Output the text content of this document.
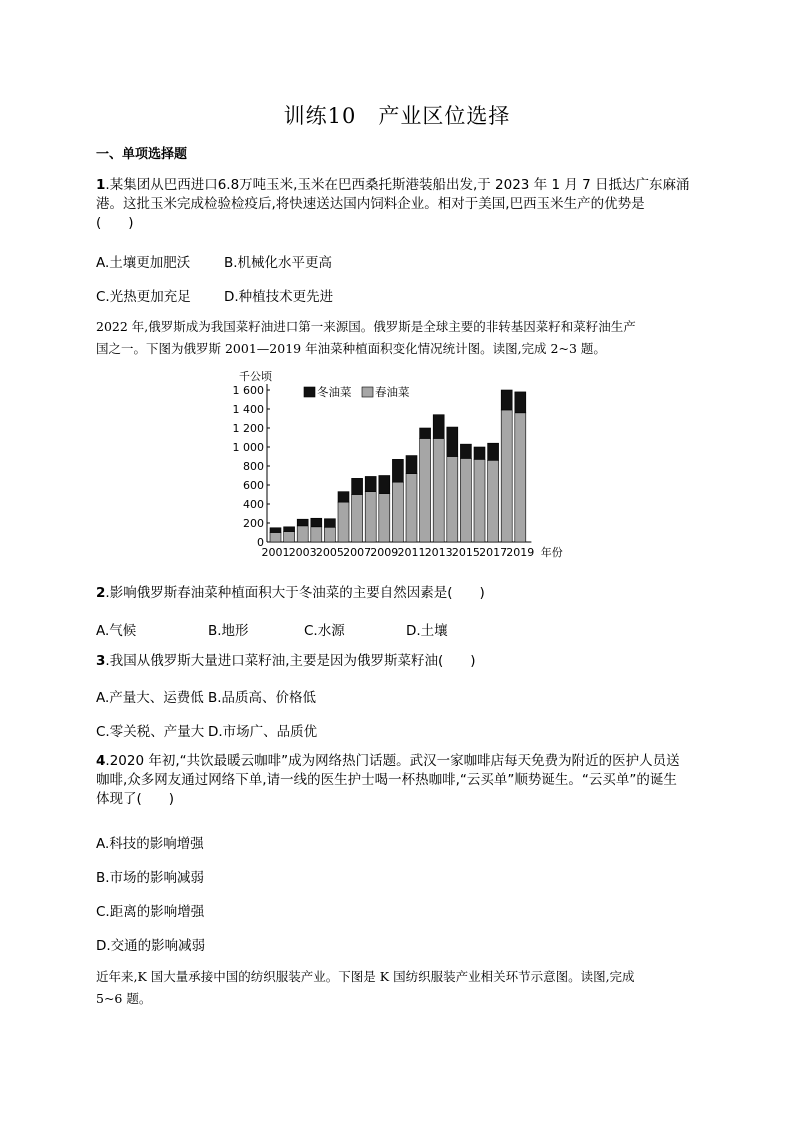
训练10　产业区位选择
一、单项选择题
1.某集团从巴西进口6.8万吨玉米,玉米在巴西桑托斯港装船出发,于 2023 年 1 月 7 日抵达广东麻涌
港。这批玉米完成检验检疫后,将快速送达国内饲料企业。相对于美国,巴西玉米生产的优势是
(　　)
A.土壤更加肥沃 B.机械化水平更高
C.光热更加充足 D.种植技术更先进
2022 年,俄罗斯成为我国菜籽油进口第一来源国。俄罗斯是全球主要的非转基因菜籽和菜籽油生产
国之一。下图为俄罗斯 2001—2019 年油菜种植面积变化情况统计图。读图,完成 2~3 题。
0
200
400
600
800
1 000
1 200
1 400
1 600
千公顷
2001 2003 2005 2007 2009 2011 2013 2015 2017 2019 年份
冬油菜 春油菜
2.影响俄罗斯春油菜种植面积大于冬油菜的主要自然因素是(　　)
A.气候	B.地形	C.水源	D.土壤
3.我国从俄罗斯大量进口菜籽油,主要是因为俄罗斯菜籽油(　　)
A.产量大、运费低 B.品质高、价格低
C.零关税、产量大 D.市场广、品质优
4.2020 年初,“共饮最暖云咖啡”成为网络热门话题。武汉一家咖啡店每天免费为附近的医护人员送
咖啡,众多网友通过网络下单,请一线的医生护士喝一杯热咖啡,“云买单”顺势诞生。“云买单”的诞生
体现了(　　)
A.科技的影响增强
B.市场的影响减弱
C.距离的影响增强
D.交通的影响减弱
近年来,K 国大量承接中国的纺织服装产业。下图是 K 国纺织服装产业相关环节示意图。读图,完成
5~6 题。
